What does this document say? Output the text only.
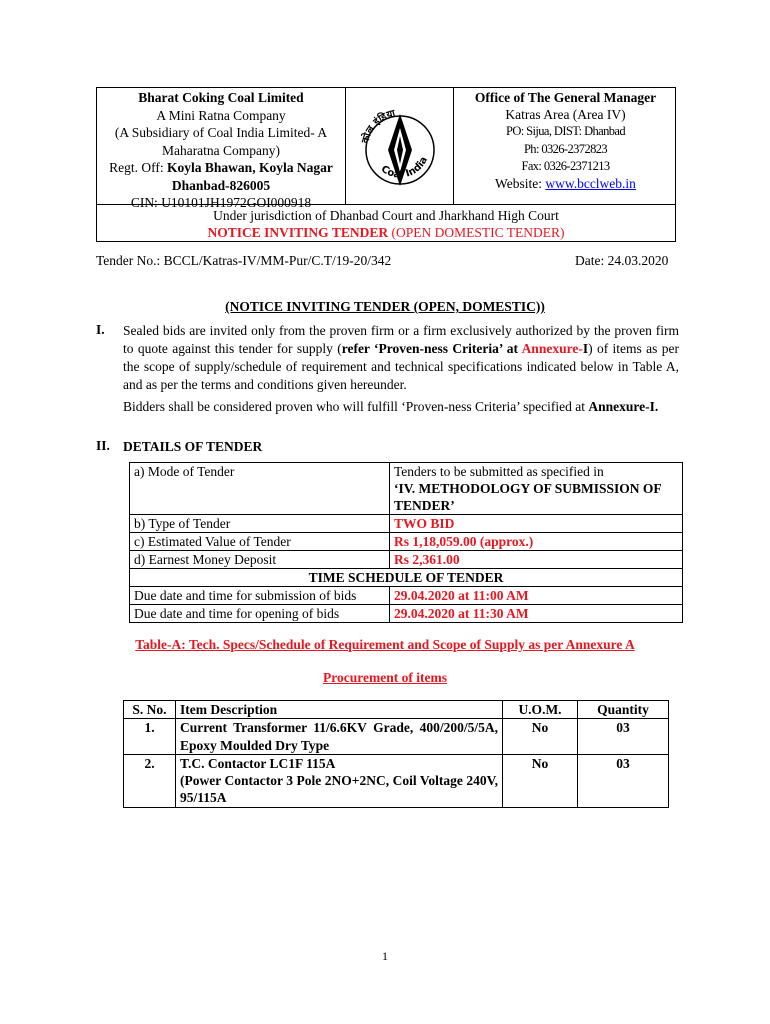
Bharat Coking Coal Limited
A Mini Ratna Company
(A Subsidiary of Coal India Limited- A
Maharatna Company)
Regt. Off: Koyla Bhawan, Koyla Nagar
Dhanbad-826005
CIN: U10101JH1972GOI000918
कोल इंडिया
Coal India
Office of The General Manager
Katras Area (Area IV)
PO: Sijua, DIST: Dhanbad
Ph: 0326-2372823
Fax: 0326-2371213
Website: www.bcclweb.in
Under jurisdiction of Dhanbad Court and Jharkhand High Court
NOTICE INVITING TENDER (OPEN DOMESTIC TENDER)
Tender No.: BCCL/Katras-IV/MM-Pur/C.T/19-20/342	Date: 24.03.2020
(NOTICE INVITING TENDER (OPEN, DOMESTIC))
I. Sealed bids are invited only from the proven firm or a firm exclusively authorized by the proven firm to quote against this tender for supply (refer ‘Proven-ness Criteria’ at Annexure-I) of items as per the scope of supply/schedule of requirement and technical specifications indicated below in Table A, and as per the terms and conditions given hereunder.
Bidders shall be considered proven who will fulfill ‘Proven-ness Criteria’ specified at Annexure-I.
II. DETAILS OF TENDER
a) Mode of Tender	Tenders to be submitted as specified in
‘IV. METHODOLOGY OF SUBMISSION OF TENDER’

b) Type of Tender	TWO BID
c) Estimated Value of Tender	Rs 1,18,059.00 (approx.)
d) Earnest Money Deposit	Rs 2,361.00
TIME SCHEDULE OF TENDER	
Due date and time for submission of bids	29.04.2020 at 11:00 AM
Due date and time for opening of bids	29.04.2020 at 11:30 AM
Table-A: Tech. Specs/Schedule of Requirement and Scope of Supply as per Annexure A
Procurement of items
S. No.	Item Description	U.O.M.	Quantity
1.	Current Transformer 11/6.6KV Grade, 400/200/5/5A, Epoxy Moulded Dry Type	No	03
2.	T.C. Contactor LC1F 115A
(Power Contactor 3 Pole 2NO+2NC, Coil Voltage 240V, 95/115A	No	03
1
